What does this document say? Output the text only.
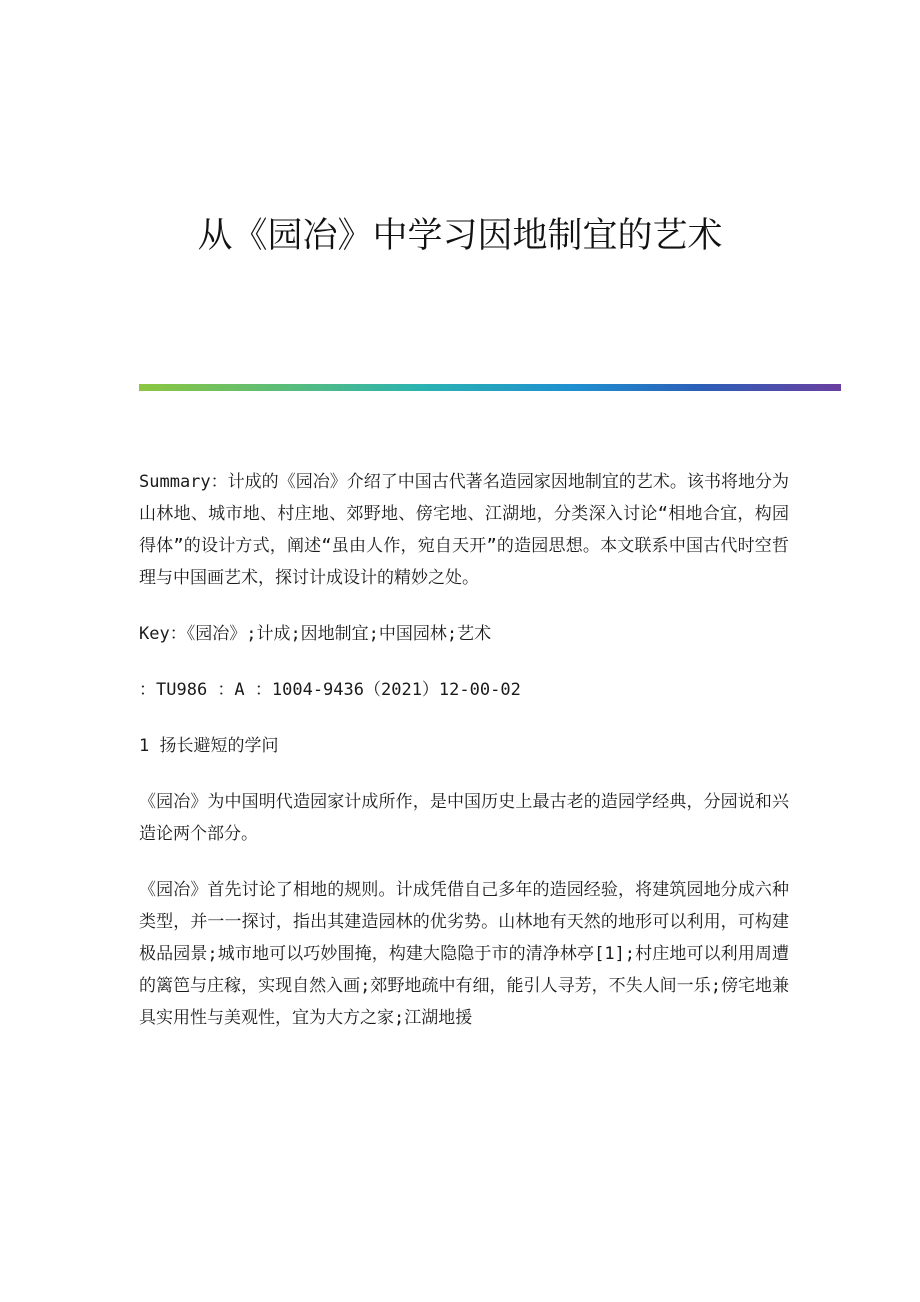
从《园冶》中学习因地制宜的艺术

Summary：计成的《园冶》介绍了中国古代著名造园家因地制宜的艺术。该书将地分为山林地、城市地、村庄地、郊野地、傍宅地、江湖地，分类深入讨论“相地合宜，构园得体”的设计方式，阐述“虽由人作，宛自天开”的造园思想。本文联系中国古代时空哲理与中国画艺术，探讨计成设计的精妙之处。

Key：《园冶》;计成;因地制宜;中国园林;艺术

：TU986 ：A ：1004-9436（2021）12-00-02

1 扬长避短的学问

《园冶》为中国明代造园家计成所作，是中国历史上最古老的造园学经典，分园说和兴造论两个部分。

《园冶》首先讨论了相地的规则。计成凭借自己多年的造园经验，将建筑园地分成六种类型，并一一探讨，指出其建造园林的优劣势。山林地有天然的地形可以利用，可构建极品园景;城市地可以巧妙围掩，构建大隐隐于市的清净林亭[1];村庄地可以利用周遭的篱笆与庄稼，实现自然入画;郊野地疏中有细，能引人寻芳，不失人间一乐;傍宅地兼具实用性与美观性，宜为大方之家;江湖地援
